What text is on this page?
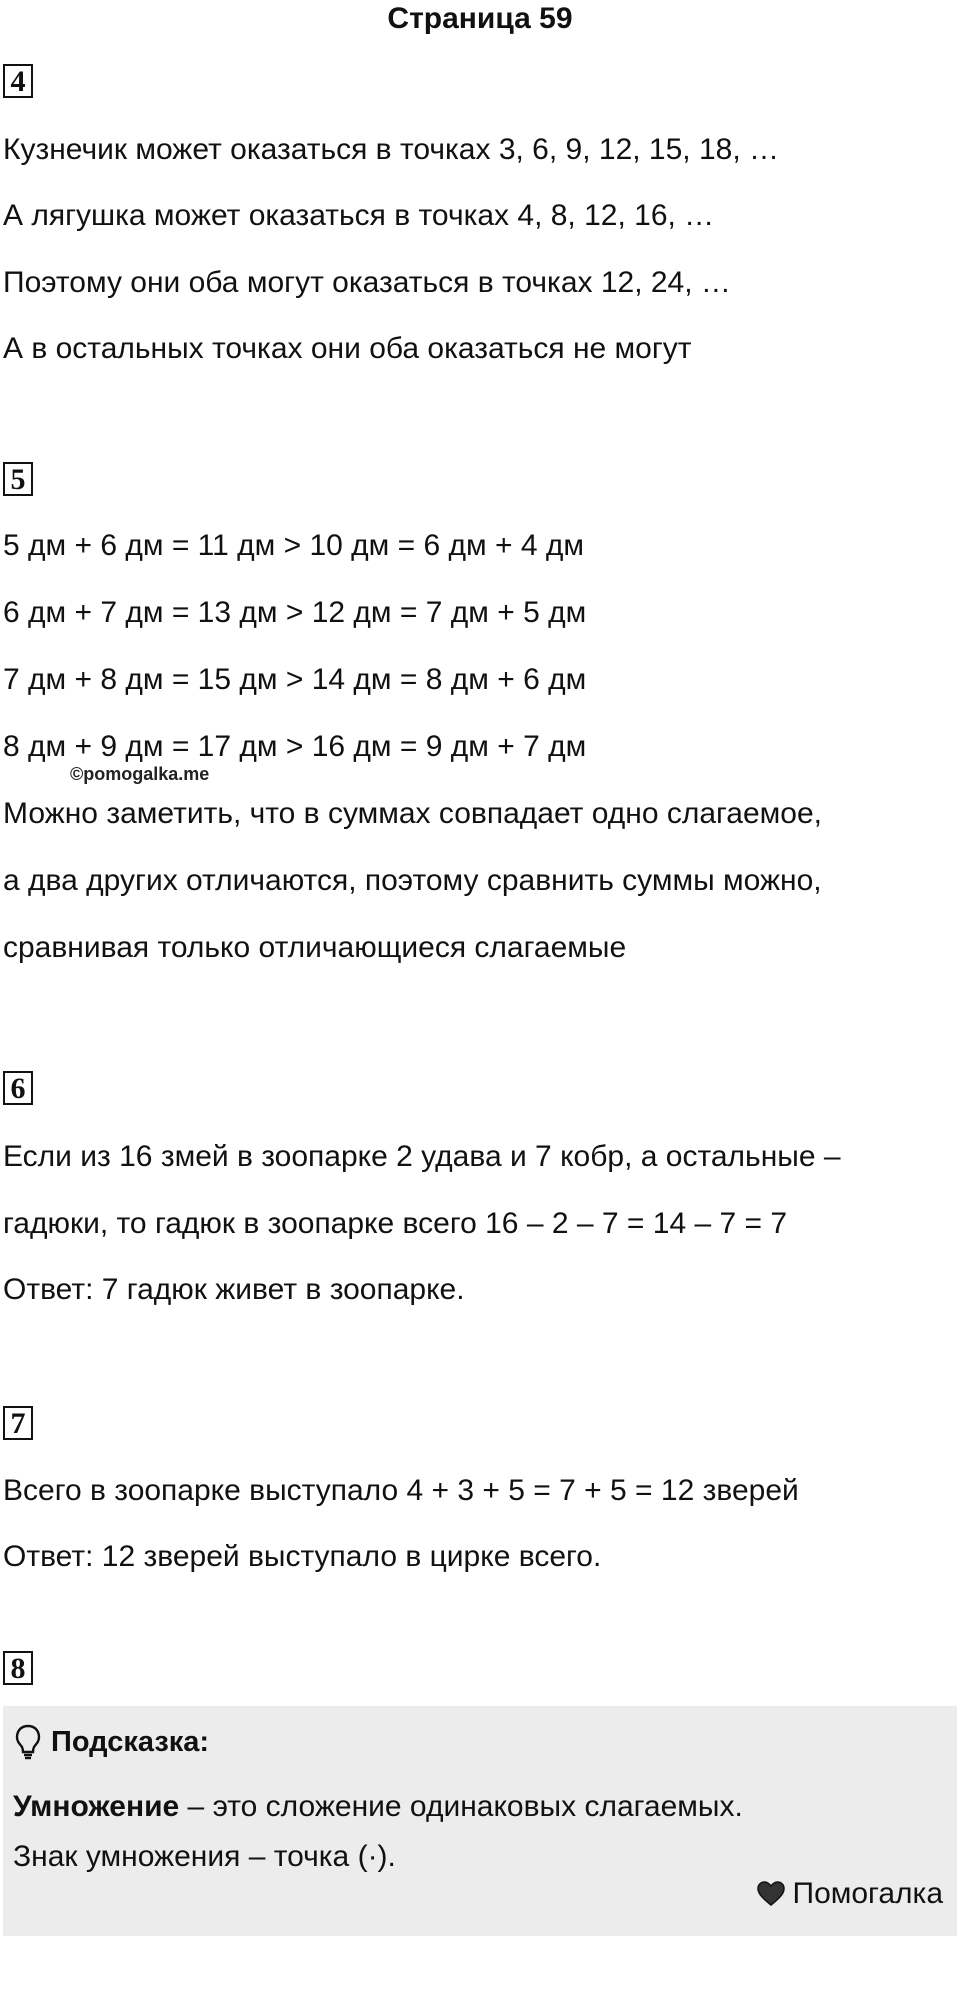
Страница 59
4
Кузнечик может оказаться в точках 3, 6, 9, 12, 15, 18, …
А лягушка может оказаться в точках 4, 8, 12, 16, …
Поэтому они оба могут оказаться в точках 12, 24, …
А в остальных точках они оба оказаться не могут
5
5 дм + 6 дм = 11 дм > 10 дм = 6 дм + 4 дм
6 дм + 7 дм = 13 дм > 12 дм = 7 дм + 5 дм
7 дм + 8 дм = 15 дм > 14 дм = 8 дм + 6 дм
8 дм + 9 дм = 17 дм > 16 дм = 9 дм + 7 дм
©pomogalka.me
Можно заметить, что в суммах совпадает одно слагаемое,
а два других отличаются, поэтому сравнить суммы можно,
сравнивая только отличающиеся слагаемые
6
Если из 16 змей в зоопарке 2 удава и 7 кобр, а остальные –
гадюки, то гадюк в зоопарке всего 16 – 2 – 7 = 14 – 7 = 7
Ответ: 7 гадюк живет в зоопарке.
7
Всего в зоопарке выступало 4 + 3 + 5 = 7 + 5 = 12 зверей
Ответ: 12 зверей выступало в цирке всего.
8
Подсказка:
Умножение – это сложение одинаковых слагаемых.
Знак умножения – точка (·).
Помогалка
